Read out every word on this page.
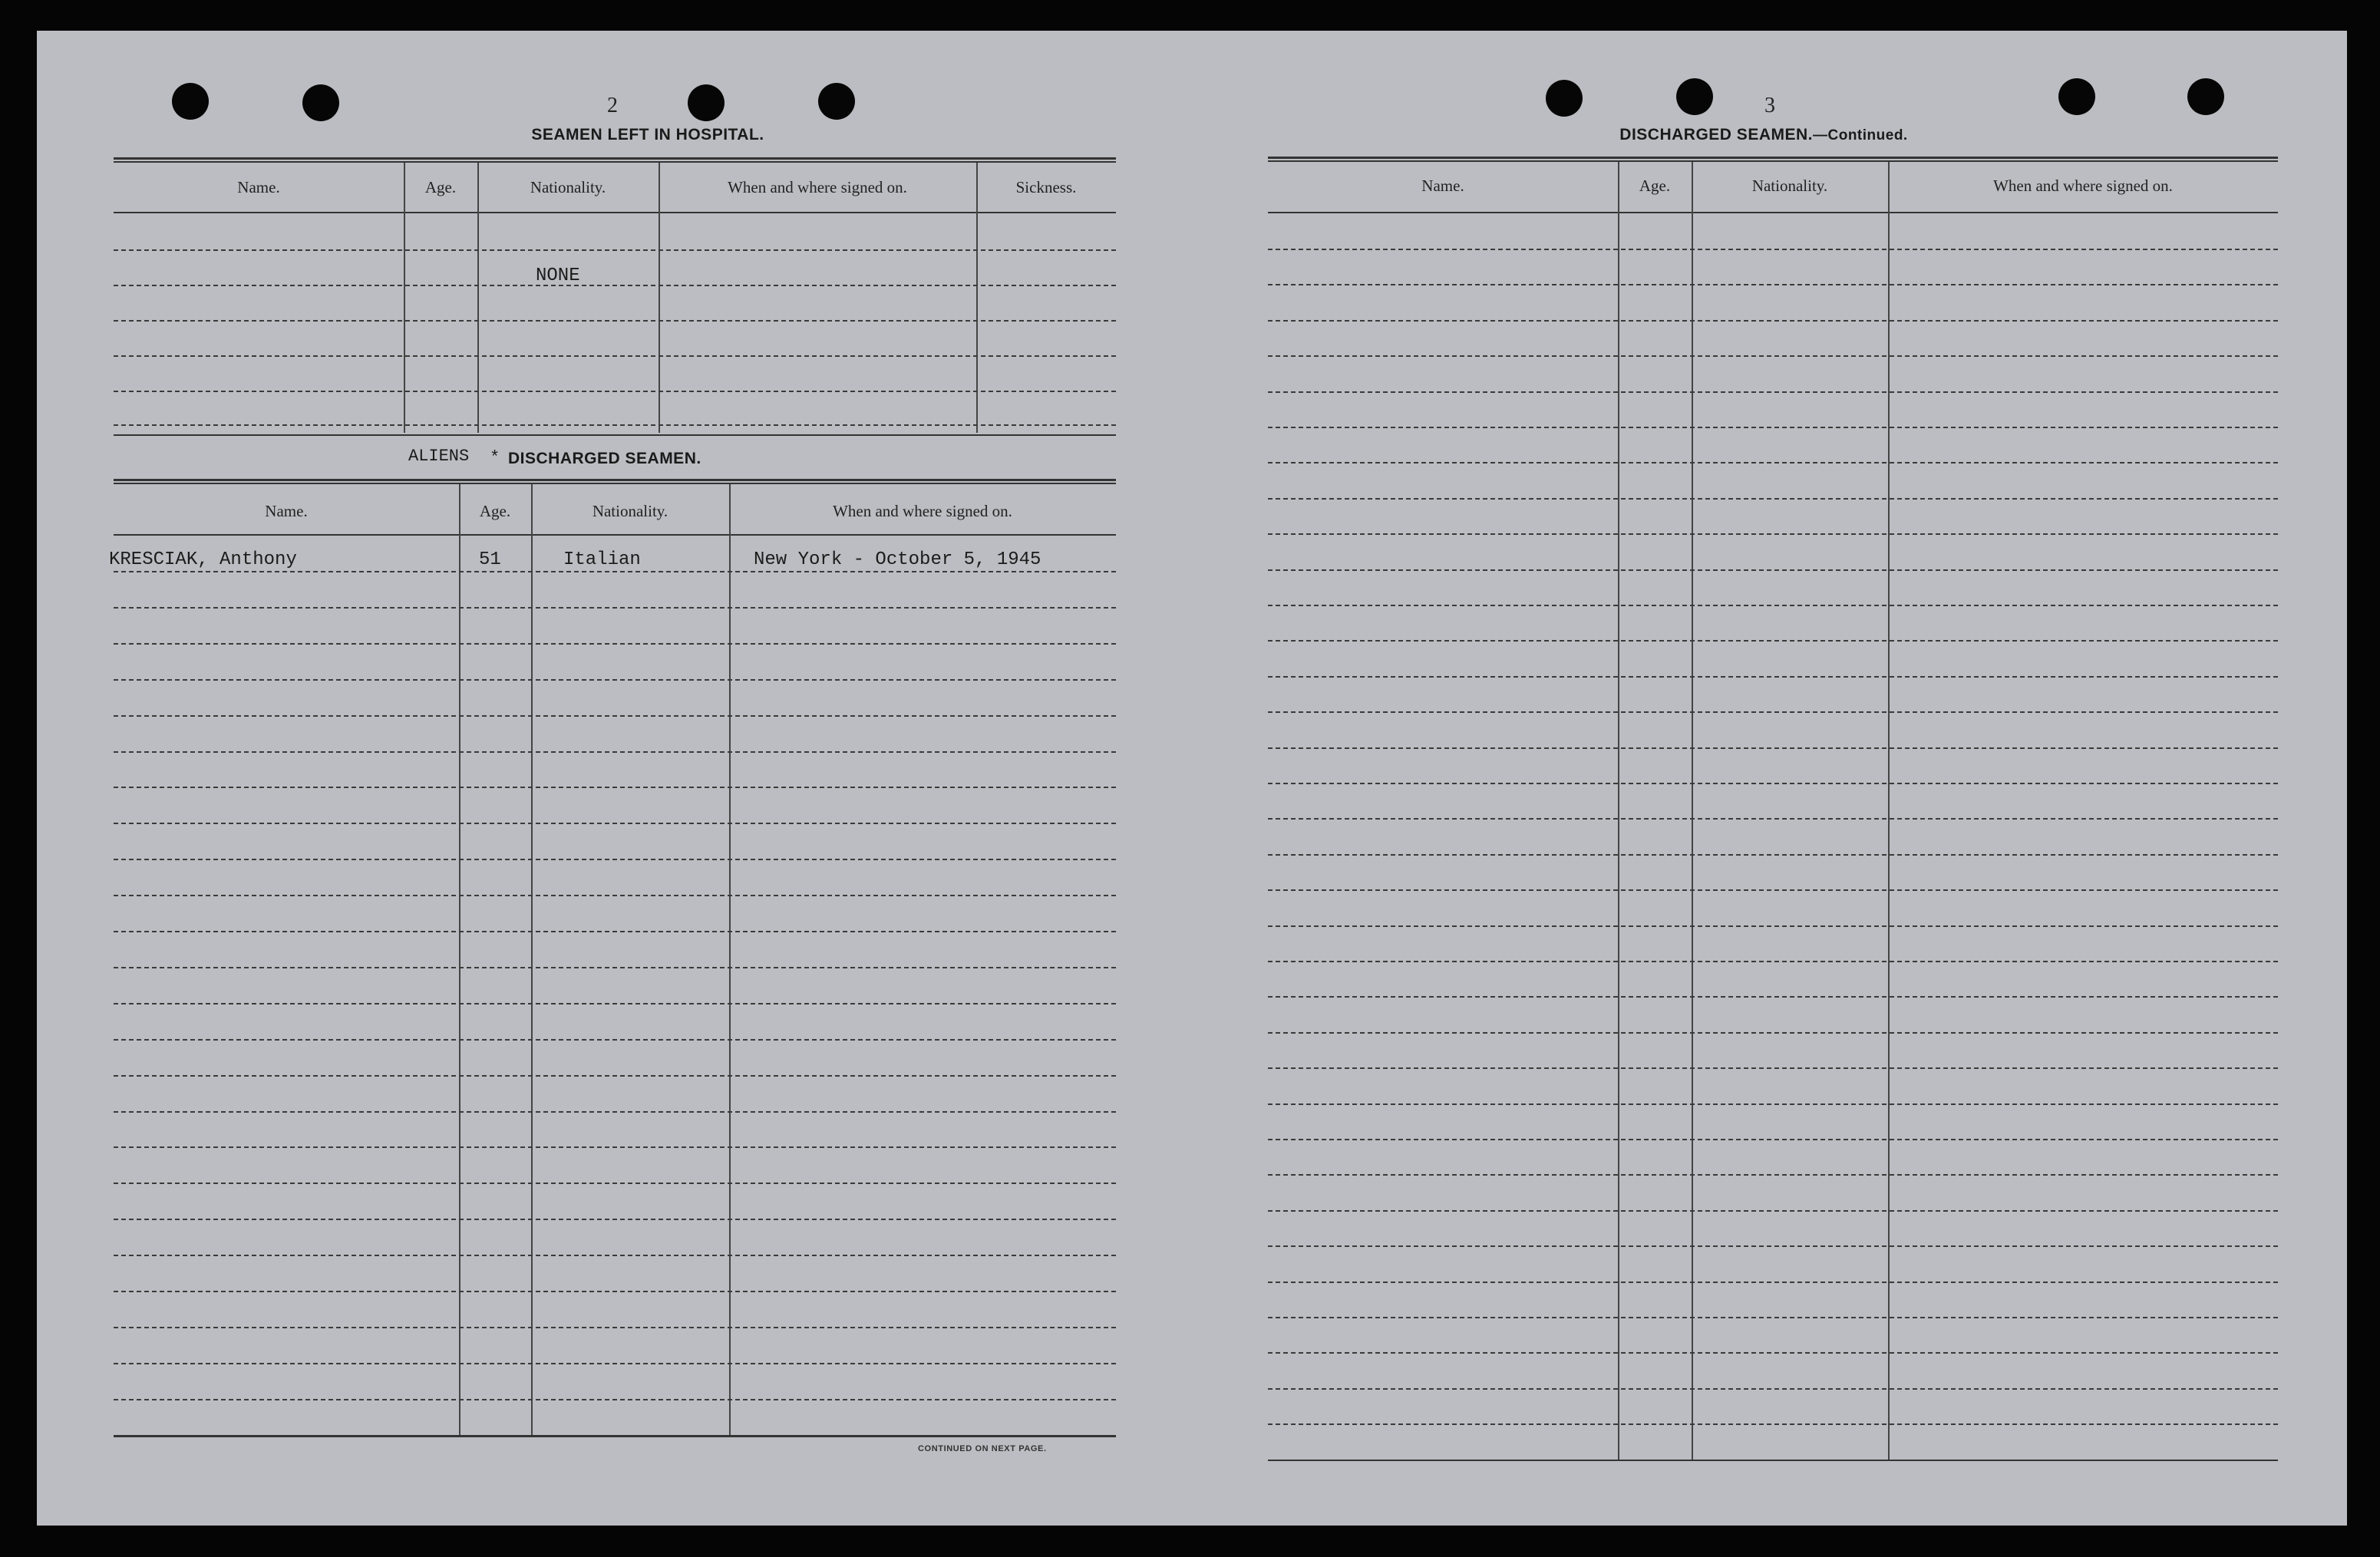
2
SEAMEN LEFT IN HOSPITAL.
Name.	Age.	Nationality.	When and where signed on.	Sickness.
NONE
ALIENS * DISCHARGED SEAMEN.
Name.	Age.	Nationality.	When and where signed on.
KRESCIAK, Anthony	51	Italian	New York - October 5, 1945
CONTINUED ON NEXT PAGE.
3
DISCHARGED SEAMEN.—Continued.
Name.	Age.	Nationality.	When and where signed on.
